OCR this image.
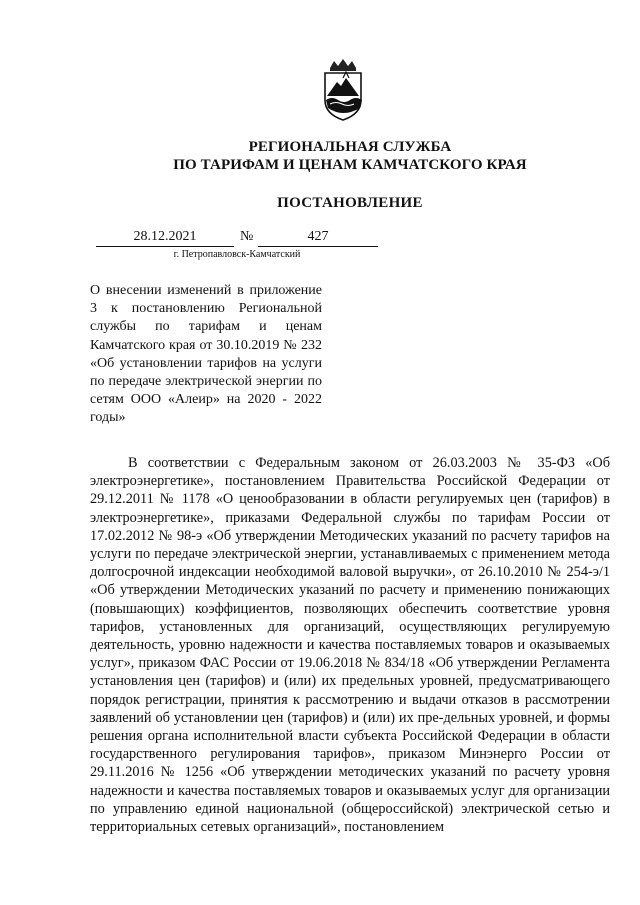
РЕГИОНАЛЬНАЯ СЛУЖБА
ПО ТАРИФАМ И ЦЕНАМ КАМЧАТСКОГО КРАЯ
ПОСТАНОВЛЕНИЕ
28.12.2021	№	427
г. Петропавловск-Камчатский
О внесении изменений в приложение 3 к постановлению Региональной службы по тарифам и ценам Камчатского края от 30.10.2019 № 232 «Об установлении тарифов на услуги по передаче электрической энергии по сетям ООО «Алеир» на 2020 - 2022 годы»
В соответствии с Федеральным законом от 26.03.2003 № 35-ФЗ «Об электроэнергетике», постановлением Правительства Российской Федерации от 29.12.2011 № 1178 «О ценообразовании в области регулируемых цен (тарифов) в электроэнергетике», приказами Федеральной службы по тарифам России от 17.02.2012 № 98-э «Об утверждении Методических указаний по расчету тарифов на услуги по передаче электрической энергии, устанавливаемых с применением метода долгосрочной индексации необходимой валовой выручки», от 26.10.2010 № 254-э/1 «Об утверждении Методических указаний по расчету и применению понижающих (повышающих) коэффициентов, позволяющих обеспечить соответствие уровня тарифов, установленных для организаций, осуществляющих регулируемую деятельность, уровню надежности и качества поставляемых товаров и оказываемых услуг», приказом ФАС России от 19.06.2018 № 834/18 «Об утверждении Регламента установления цен (тарифов) и (или) их предельных уровней, предусматривающего порядок регистрации, принятия к рассмотрению и выдачи отказов в рассмотрении заявлений об установлении цен (тарифов) и (или) их пре-дельных уровней, и формы решения органа исполнительной власти субъекта Российской Федерации в области государственного регулирования тарифов», приказом Минэнерго России от 29.11.2016 № 1256 «Об утверждении методических указаний по расчету уровня надежности и качества поставляемых товаров и оказываемых услуг для организации по управлению единой национальной (общероссийской) электрической сетью и территориальных сетевых организаций», постановлением
